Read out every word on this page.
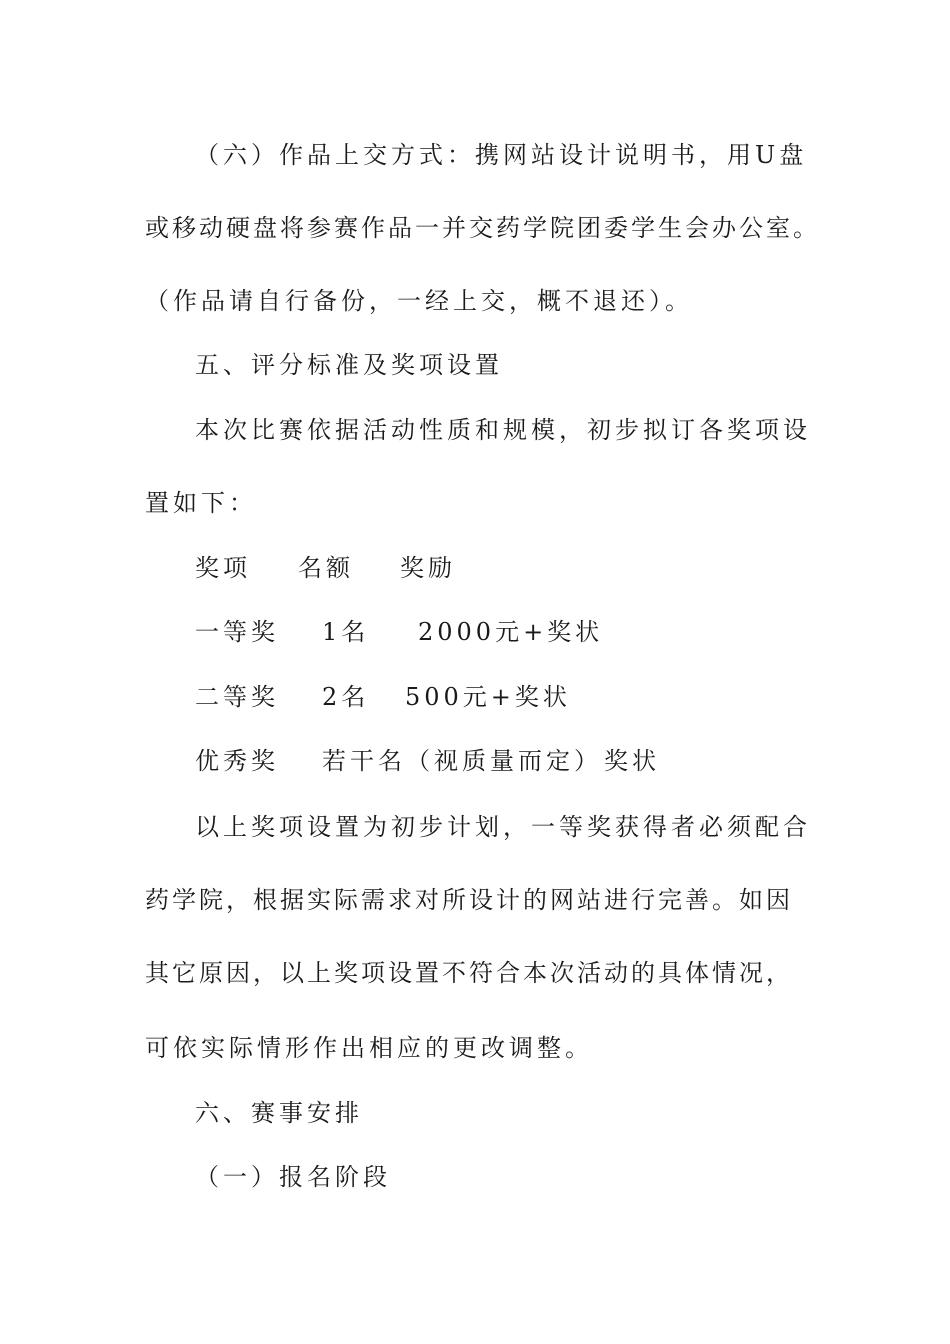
（六）作品上交方式：携网站设计说明书，用U盘
或移动硬盘将参赛作品一并交药学院团委学生会办公室。
（作品请自行备份，一经上交，概不退还）。
五、评分标准及奖项设置
本次比赛依据活动性质和规模，初步拟订各奖项设
置如下：
奖项 名额 奖励
一等奖 1名 2000元+奖状
二等奖 2名 500元+奖状
优秀奖 若干名（视质量而定） 奖状
以上奖项设置为初步计划，一等奖获得者必须配合
药学院，根据实际需求对所设计的网站进行完善。如因
其它原因，以上奖项设置不符合本次活动的具体情况，
可依实际情形作出相应的更改调整。
六、赛事安排
（一）报名阶段
